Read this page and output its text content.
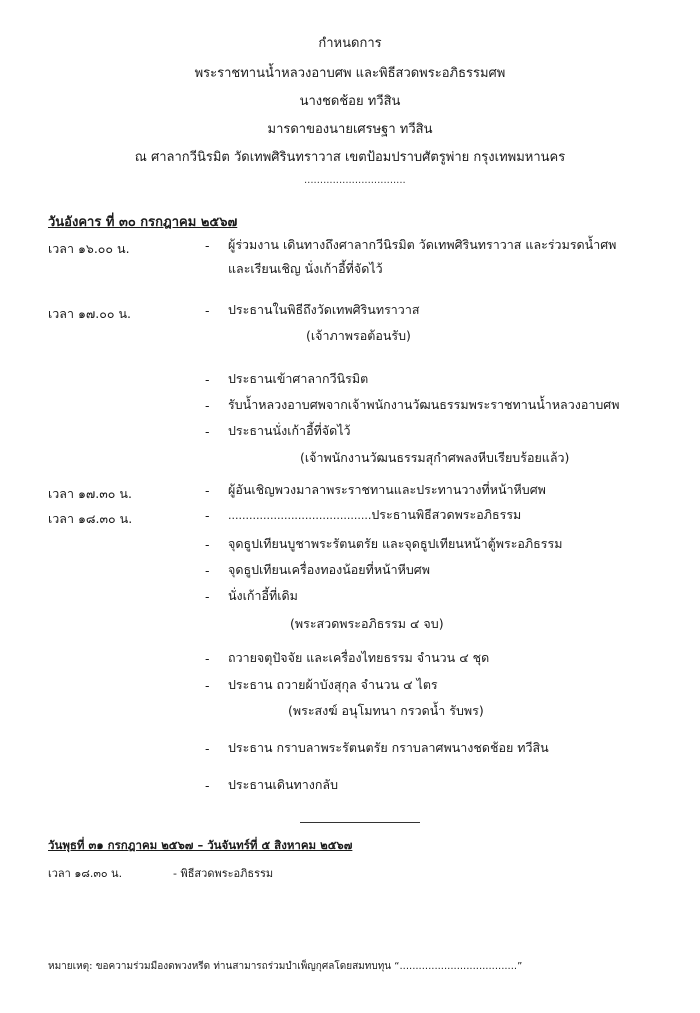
กำหนดการ
พระราชทานน้ำหลวงอาบศพ และพิธีสวดพระอภิธรรมศพ
นางชดช้อย ทวีสิน
มารดาของนายเศรษฐา ทวีสิน
ณ ศาลากวีนิรมิต วัดเทพศิรินทราวาส เขตป้อมปราบศัตรูพ่าย กรุงเทพมหานคร
................................
วันอังคาร ที่ ๓๐ กรกฎาคม ๒๕๖๗
เวลา ๑๖.๐๐ น.	- ผู้ร่วมงาน เดินทางถึงศาลากวีนิรมิต วัดเทพศิรินทราวาส และร่วมรดน้ำศพ
และเรียนเชิญ นั่งเก้าอี้ที่จัดไว้
เวลา ๑๗.๐๐ น.	- ประธานในพิธีถึงวัดเทพศิรินทราวาส
(เจ้าภาพรอต้อนรับ)
- ประธานเข้าศาลากวีนิรมิต
- รับน้ำหลวงอาบศพจากเจ้าพนักงานวัฒนธรรมพระราชทานน้ำหลวงอาบศพ
- ประธานนั่งเก้าอี้ที่จัดไว้
(เจ้าพนักงานวัฒนธรรมสุกำศพลงหีบเรียบร้อยแล้ว)
เวลา ๑๗.๓๐ น.	- ผู้อันเชิญพวงมาลาพระราชทานและประทานวางที่หน้าหีบศพ
เวลา ๑๘.๓๐ น.	- .........................................ประธานพิธีสวดพระอภิธรรม
- จุดธูปเทียนบูชาพระรัตนตรัย และจุดธูปเทียนหน้าตู้พระอภิธรรม
- จุดธูปเทียนเครื่องทองน้อยที่หน้าหีบศพ
- นั่งเก้าอี้ที่เดิม
(พระสวดพระอภิธรรม ๔ จบ)
- ถวายจตุปัจจัย และเครื่องไทยธรรม จำนวน ๔ ชุด
- ประธาน ถวายผ้าบังสุกุล จำนวน ๔ ไตร
(พระสงฆ์ อนุโมทนา กรวดน้ำ รับพร)
- ประธาน กราบลาพระรัตนตรัย กราบลาศพนางชดช้อย ทวีสิน
- ประธานเดินทางกลับ
วันพุธที่ ๓๑ กรกฎาคม ๒๕๖๗ – วันจันทร์ที่ ๕ สิงหาคม ๒๕๖๗
เวลา ๑๘.๓๐ น.	- พิธีสวดพระอภิธรรม
หมายเหตุ: ขอความร่วมมืองดพวงหรีด ท่านสามารถร่วมบำเพ็ญกุศลโดยสมทบทุน “.....................................”
